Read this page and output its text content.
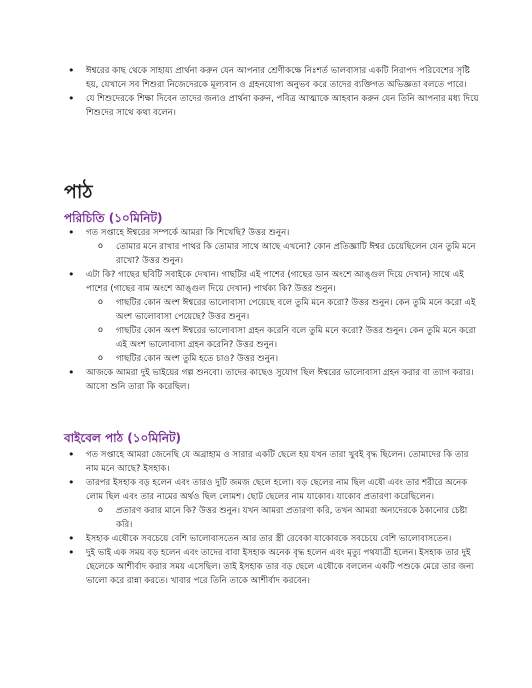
• ঈশ্বরের কাছ থেকে সাহায্য প্রার্থনা করুন যেন আপনার শ্রেণীকক্ষে নিঃশর্ত ভালবাসার একটি নিরাপদ পরিবেশের সৃষ্টি হয়, যেখানে সব শিশুরা নিজেদেরকে মূল্যবান ও গ্রহনযোগ্য অনুভব করে তাদের ব্যক্তিগত অভিজ্ঞতা বলতে পারে।
• যে শিশুদেরকে শিক্ষা দিবেন তাদের জন্যও প্রার্থনা করুন, পবিত্র আত্মাকে আহবান করুন যেন তিনি আপনার মধ্য দিয়ে শিশুদের সাথে কথা বলেন।
পাঠ
পরিচিতি (১০মিনিট)
• গত সপ্তাহে ঈশ্বরের সম্পর্কে আমরা কি শিখেছি? উত্তর শুনুন।
o তোমার মনে রাখার পাথর কি তোমার সাথে আছে এখনো? কোন প্রতিজ্ঞাটি ঈশ্বর চেয়েছিলেন যেন তুমি মনে রাখো? উত্তর শুনুন।
• এটা কি? গাছের ছবিটি সবাইকে দেখান। গাছটির এই পাশের (গাছের ডান অংশে আঙ্গুল দিয়ে দেখান) সাথে এই পাশের (গাছের বাম অংশে আঙ্গুল দিয়ে দেখান) পার্থক্য কি? উত্তর শুনুন।
o গাছটির কোন অংশ ঈশ্বরের ভালোবাসা পেয়েছে বলে তুমি মনে করো? উত্তর শুনুন। কেন তুমি মনে করো এই অংশ ভালোবাসা পেয়েছে? উত্তর শুনুন।
o গাছটির কোন অংশ ঈশ্বরের ভালোবাসা গ্রহন করেনি বলে তুমি মনে করো? উত্তর শুনুন। কেন তুমি মনে করো এই অংশ ভালোবাসা গ্রহন করেনি? উত্তর শুনুন।
o গাছটির কোন অংশ তুমি হতে চাও? উত্তর শুনুন।
• আজকে আমরা দুই ভাইয়ের গল্প শুনবো। তাদের কাছেও সুযোগ ছিল ঈশ্বরের ভালোবাসা গ্রহন করার বা ত্যাগ করার। আসো শুনি তারা কি করেছিল।
বাইবেল পাঠ (১০মিনিট)
• গত সপ্তাহে আমরা জেনেছি যে অব্রাহাম ও সারার একটি ছেলে হয় যখন তারা খুবই বৃদ্ধ ছিলেন। তোমাদের কি তার নাম মনে আছে? ইসহাক।
• তারপর ইসহাক বড় হলেন এবং তারও দুটি জমজ ছেলে হলো। বড় ছেলের নাম ছিল এষৌ এবং তার শরীরে অনেক লোম ছিল এবং তার নামের অর্থও ছিল লোমশ। ছোট ছেলের নাম যাকোব। যাকোব প্রতারণা করেছিলেন।
o প্রতারণ করার মানে কি? উত্তর শুনুন। যখন আমরা প্রতারণা করি, তখন আমরা অন্যদেরকে ঠকানোর চেষ্টা করি।
• ইসহাক এষৌকে সবচেয়ে বেশি ভালোবাসতেন আর তার স্ত্রী রেবেকা যাকোবকে সবচেয়ে বেশি ভালোবাসতেন।
• দুই ভাই এক সময় বড় হলেন এবং তাদের বাবা ইসহাক অনেক বৃদ্ধ হলেন এবং মৃত্যু পথযাত্রী হলেন। ইসহাক তার দুই ছেলেকে আশীর্বাদ করার সময় এসেছিল। তাই ইসহাক তার বড় ছেলে এষৌকে বললেন একটি পশুকে মেরে তার জন্য ভালো করে রান্না করতে। খাবার পরে তিনি তাকে আশীর্বাদ করবেন।
